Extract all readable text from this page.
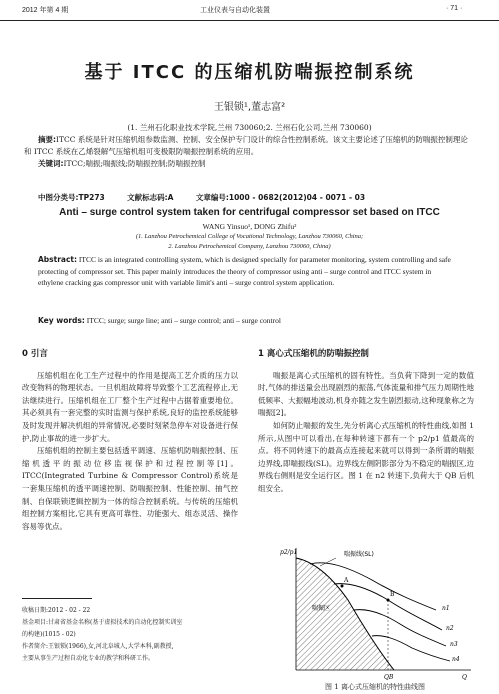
2012 年第 4 期	工业仪表与自动化装置	· 71 ·
基于 ITCC 的压缩机防喘振控制系统
王银锁¹,董志富²
(1. 兰州石化职业技术学院,兰州 730060;2. 兰州石化公司,兰州 730060)
摘要:ITCC 系统是针对压缩机组参数监测、控制、安全保护专门设计的综合性控制系统。该文主要论述了压缩机的防喘振控制理论和 ITCC 系统在乙烯裂解气压缩机组可变极限防喘振控制系统的应用。
关键词:ITCC;喘振;喘振线;防喘振控制;防喘振控制
中图分类号:TP273	文献标志码:A	文章编号:1000 - 0682(2012)04 - 0071 - 03
Anti – surge control system taken for centrifugal compressor set based on ITCC
WANG Yinsuo¹, DONG Zhifu²
(1. Lanzhou Petrochemical College of Vocational Technology, Lanzhou 730060, China;
2. Lanzhou Petrochemical Company, Lanzhou 730060, China)
Abstract: ITCC is an integrated controlling system, which is designed specially for parameter monitoring, system controlling and safe protecting of compressor set. This paper mainly introduces the theory of compressor using anti – surge control and ITCC system in ethylene cracking gas compressor unit with variable limit's anti – surge control system application.
Key words: ITCC; surge; surge line; anti – surge control; anti – surge control

0 引言

压缩机组在化工生产过程中的作用是提高工艺介质的压力以改变物料的物理状态。一旦机组故障将导致整个工艺流程停止,无法继续进行。压缩机组在工厂整个生产过程中占据着重要地位。其必须具有一套完整的实时监测与保护系统,良好的监控系统能够及时发现并解决机组的异常情况,必要时刻紧急停车对设备进行保护,防止事故的进一步扩大。

压缩机组的控制主要包括透平调速、压缩机防喘振控制、压缩机透平的振动位移监视保护和过程控制等[1]。ITCC(Integrated Turbine & Compressor Control)系统是一套集压缩机的透平调速控制、防喘振控制、性能控制、抽气控制、自保联锁逻辑控制为一体的综合控制系统。与传统的压缩机组控制方案相比,它具有更高可靠性、功能强大、组态灵活、操作容易等优点。

收稿日期:2012 - 02 - 22
基金项目:甘肃省基金名称(基于虚拟技术的自动化控制实训室
的构建)(1015 - 02)
作者简介:王银锁(1966),女,河北阜城人,大学本科,副教授,
主要从事生产过程自动化专业的教学和科研工作。

1 离心式压缩机的防喘振控制

喘振是离心式压缩机的固有特性。当负荷下降到一定的数值时,气体的排送量会出现剧烈的振荡,气体流量和排气压力周期性地低频率、大振幅地波动,机身亦随之发生剧烈振动,这种现象称之为喘振[2]。

如何防止喘振的发生,先分析离心式压缩机的特性曲线,如图 1 所示,从图中可以看出,在每种转速下都有一个 p2/p1 值最高的点。将不同转速下的最高点连接起来就可以得到一条所谓的喘振边界线,即喘振线(SL)。边界线左侧阴影部分为不稳定的喘振区,边界线右侧则是安全运行区。图 1 在 n2 转速下,负荷大于 QB 后机组安全。

p2/p1	喘振线(SL)
喘振区	n1
n2
n3
n4
A
B
QB	Q
图 1 离心式压缩机的特性曲线图
